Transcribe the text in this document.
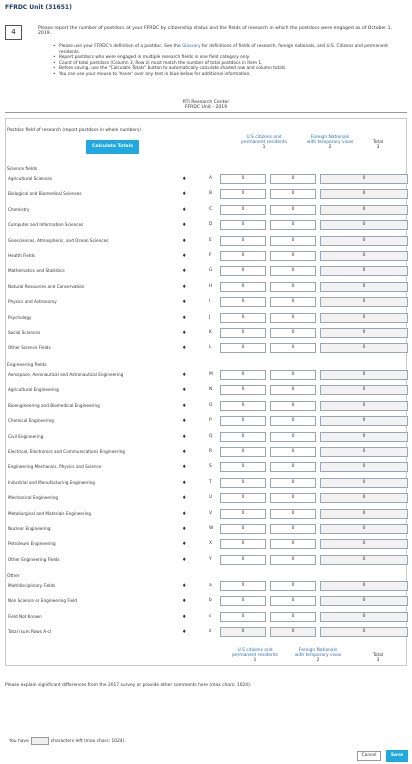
FFRDC Unit (31651)
4	Please report the number of postdocs at your FFRDC by citizenship status and the fields of research in which the postdocs were engaged as of October 1, 2019.
• Please use your FFRDC's definition of a postdoc. See the Glossary for definitions of fields of research, foreign nationals, and U.S. Citizens and permanent residents.
• Report postdocs who were engaged in multiple research fields in one field category only.
• Count of total postdocs (Column 3, Row z) must match the number of total postdocs in Item 1.
• Before saving, use the "Calculate Totals" button to automatically calculate shaded row and column totals.
• You can use your mouse to 'hover' over any text in blue below for additional information.
RTI Research Center
FFRDC Unit - 2019
Postdoc field of research (report postdocs in whole numbers)
Calculate Totals
U.S citizens and
permanent residents
1
Foreign Nationals
with temporary visas
2
Total
3
Science fields
Agricultural Sciences	♦	A	0	0	0
Biological and Biomedical Sciences	♦	B	0	0	0
Chemistry	♦	C	0	0	0
Computer and Information Sciences	♦	D	0	0	0
Geosciences, Atmospheric, and Ocean Sciences	♦	E	0	0	0
Health Fields	♦	F	0	0	0
Mathematics and Statistics	♦	G	0	0	0
Natural Resources and Conservation	♦	H	0	0	0
Physics and Astronomy	♦	I	0	0	0
Psychology	♦	J	0	0	0
Social Sciences	♦	K	0	0	0
Other Science Fields	♦	L	0	0	0
Engineering fields
Aerospace, Aeronautical and Astronautical Engineering	♦	M	0	0	0
Agricultural Engineering	♦	N	0	0	0
Bioengineering and Biomedical Engineering	♦	O	0	0	0
Chemical Engineering	♦	P	0	0	0
Civil Engineering	♦	Q	0	0	0
Electrical, Electronics and Communications Engineering	♦	R	0	0	0
Engineering Mechanics, Physics and Science	♦	S	0	0	0
Industrial and Manufacturing Engineering	♦	T	0	0	0
Mechanical Engineering	♦	U	0	0	0
Metallurgical and Materials Engineering	♦	V	0	0	0
Nuclear Engineering	♦	W	0	0	0
Petroleum Engineering	♦	X	0	0	0
Other Engineering Fields	♦	Y	0	0	0
Other
Multidisciplinary Fields	♦	a	0	0	0
Non Science or Engineering Field	♦	b	0	0	0
Field Not Known	♦	c	0	0	0
Total (sum Rows A-c)	♦	z	0	0	0
U.S citizens and
permanent residents
1
Foreign Nationals
with temporary visas
2
Total
3
Please explain significant differences from the 2017 survey or provide other comments here (max chars: 1024).
You have	characters left (max chars: 1024).
Cancel	Save
